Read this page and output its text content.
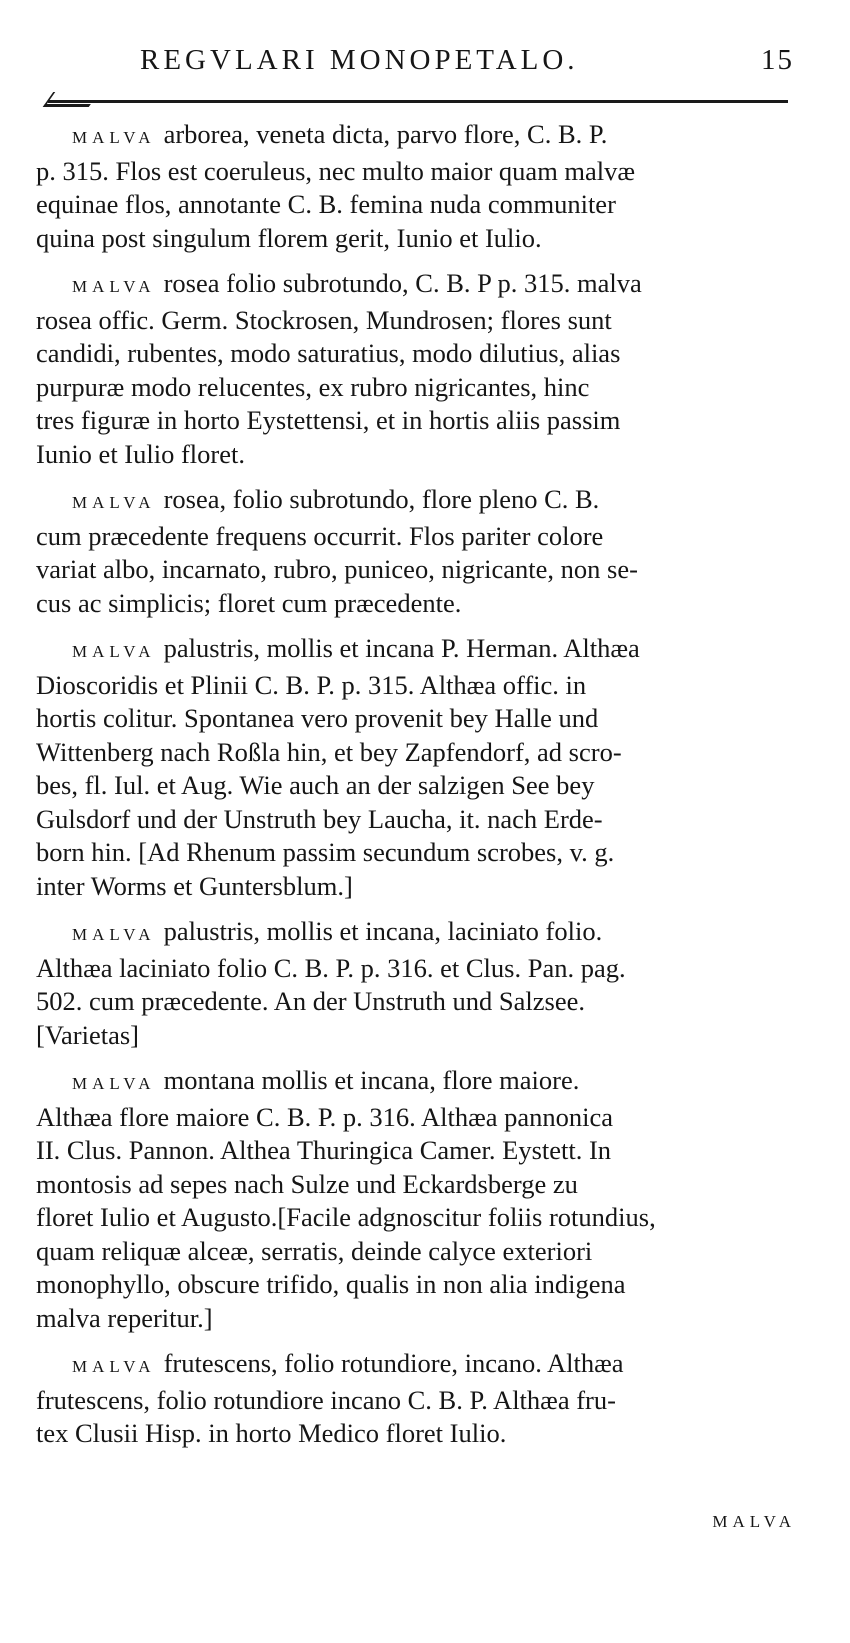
REGVLARI MONOPETALO.	15
MALVA arborea, veneta dicta, parvo flore, C. B. P.
p. 315. Flos est coeruleus, nec multo maior quam malvæ
equinae flos, annotante C. B. femina nuda communiter
quina post singulum florem gerit, Iunio et Iulio.
MALVA rosea folio subrotundo, C. B. P p. 315. malva
rosea offic. Germ. Stockrosen, Mundrosen; flores sunt
candidi, rubentes, modo saturatius, modo dilutius, alias
purpuræ modo relucentes, ex rubro nigricantes, hinc
tres figuræ in horto Eystettensi, et in hortis aliis passim
Iunio et Iulio floret.
MALVA rosea, folio subrotundo, flore pleno C. B.
cum præcedente frequens occurrit. Flos pariter colore
variat albo, incarnato, rubro, puniceo, nigricante, non se-
cus ac simplicis; floret cum præcedente.
MALVA palustris, mollis et incana P. Herman. Althæa
Dioscoridis et Plinii C. B. P. p. 315. Althæa offic. in
hortis colitur. Spontanea vero provenit bey Halle und
Wittenberg nach Roßla hin, et bey Zapfendorf, ad scro-
bes, fl. Iul. et Aug. Wie auch an der salzigen See bey
Gulsdorf und der Unstruth bey Laucha, it. nach Erde-
born hin. [Ad Rhenum passim secundum scrobes, v. g.
inter Worms et Guntersblum.]
MALVA palustris, mollis et incana, laciniato folio.
Althæa laciniato folio C. B. P. p. 316. et Clus. Pan. pag.
502. cum præcedente. An der Unstruth und Salzsee.
[Varietas]
MALVA montana mollis et incana, flore maiore.
Althæa flore maiore C. B. P. p. 316. Althæa pannonica
II. Clus. Pannon. Althea Thuringica Camer. Eystett. In
montosis ad sepes nach Sulze und Eckardsberge zu
floret Iulio et Augusto.[Facile adgnoscitur foliis rotundius,
quam reliquæ alceæ, serratis, deinde calyce exteriori
monophyllo, obscure trifido, qualis in non alia indigena
malva reperitur.]
MALVA frutescens, folio rotundiore, incano. Althæa
frutescens, folio rotundiore incano C. B. P. Althæa fru-
tex Clusii Hisp. in horto Medico floret Iulio.
MALVA
